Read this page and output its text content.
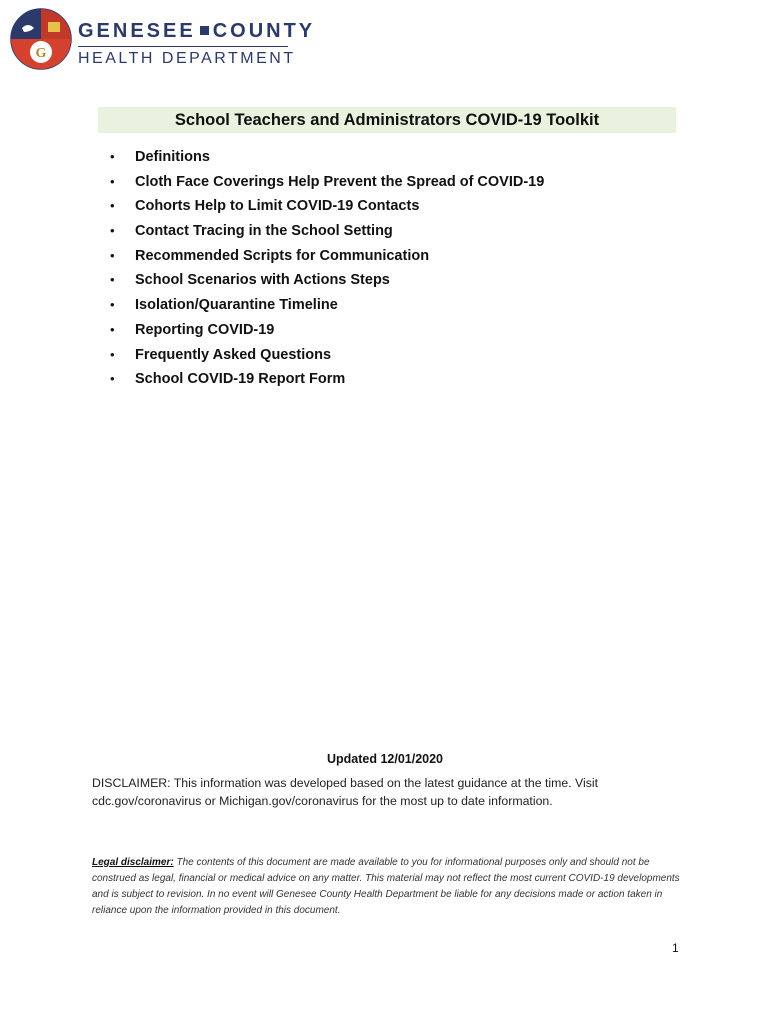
G
GENESEE COUNTY
HEALTH DEPARTMENT
School Teachers and Administrators COVID-19 Toolkit
• Definitions
• Cloth Face Coverings Help Prevent the Spread of COVID-19
• Cohorts Help to Limit COVID-19 Contacts
• Contact Tracing in the School Setting
• Recommended Scripts for Communication
• School Scenarios with Actions Steps
• Isolation/Quarantine Timeline
• Reporting COVID-19
• Frequently Asked Questions
• School COVID-19 Report Form
Updated 12/01/2020
DISCLAIMER: This information was developed based on the latest guidance at the time. Visit cdc.gov/coronavirus or Michigan.gov/coronavirus for the most up to date information.
Legal disclaimer: The contents of this document are made available to you for informational purposes only and should not be construed as legal, financial or medical advice on any matter. This material may not reflect the most current COVID-19 developments and is subject to revision. In no event will Genesee County Health Department be liable for any decisions made or action taken in reliance upon the information provided in this document.
1
